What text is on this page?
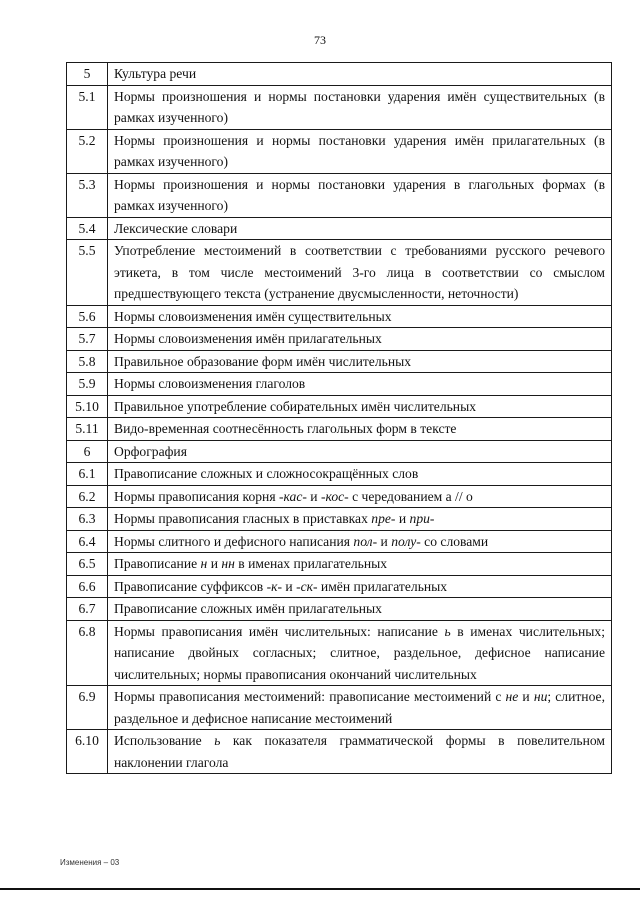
73
5	Культура речи
5.1	Нормы произношения и нормы постановки ударения имён существительных (в рамках изученного)
5.2	Нормы произношения и нормы постановки ударения имён прилагательных (в рамках изученного)
5.3	Нормы произношения и нормы постановки ударения в глагольных формах (в рамках изученного)
5.4	Лексические словари
5.5	Употребление местоимений в соответствии с требованиями русского речевого этикета, в том числе местоимений 3-го лица в соответствии со смыслом предшествующего текста (устранение двусмысленности, неточности)
5.6	Нормы словоизменения имён существительных
5.7	Нормы словоизменения имён прилагательных
5.8	Правильное образование форм имён числительных
5.9	Нормы словоизменения глаголов
5.10	Правильное употребление собирательных имён числительных
5.11	Видо-временная соотнесённость глагольных форм в тексте
6	Орфография
6.1	Правописание сложных и сложносокращённых слов
6.2	Нормы правописания корня -кас- и -кос- с чередованием а // о
6.3	Нормы правописания гласных в приставках пре- и при-
6.4	Нормы слитного и дефисного написания пол- и полу- со словами
6.5	Правописание н и нн в именах прилагательных
6.6	Правописание суффиксов -к- и -ск- имён прилагательных
6.7	Правописание сложных имён прилагательных
6.8	Нормы правописания имён числительных: написание ь в именах числительных; написание двойных согласных; слитное, раздельное, дефисное написание числительных; нормы правописания окончаний числительных
6.9	Нормы правописания местоимений: правописание местоимений с не и ни; слитное, раздельное и дефисное написание местоимений
6.10	Использование ь как показателя грамматической формы в повелительном наклонении глагола
Изменения – 03
